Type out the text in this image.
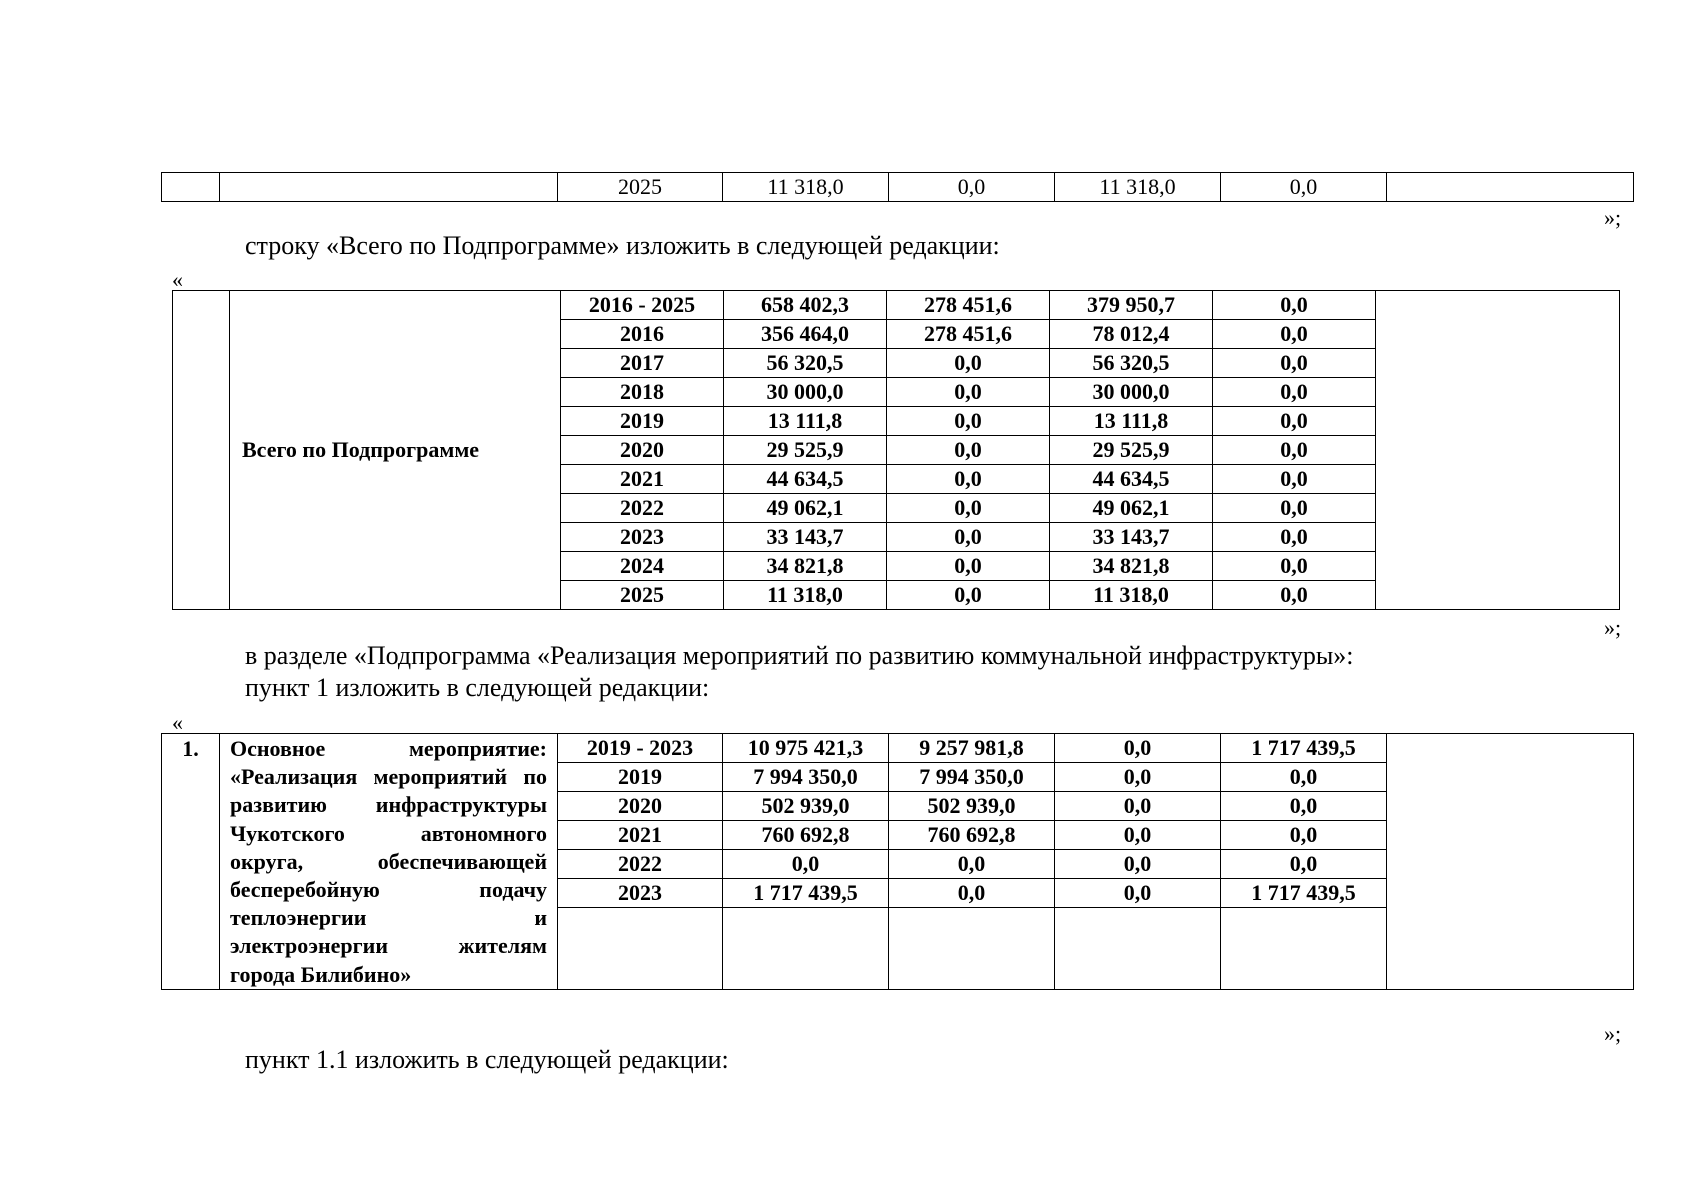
		2025	11 318,0	0,0	11 318,0	0,0	
»;
строку «Всего по Подпрограмме» изложить в следующей редакции:
«
	Всего по Подпрограмме	2016 - 2025	658 402,3	278 451,6	379 950,7	0,0	
		2016	356 464,0	278 451,6	78 012,4	0,0	
		2017	56 320,5	0,0	56 320,5	0,0	
		2018	30 000,0	0,0	30 000,0	0,0	
		2019	13 111,8	0,0	13 111,8	0,0	
		2020	29 525,9	0,0	29 525,9	0,0	
		2021	44 634,5	0,0	44 634,5	0,0	
		2022	49 062,1	0,0	49 062,1	0,0	
		2023	33 143,7	0,0	33 143,7	0,0	
		2024	34 821,8	0,0	34 821,8	0,0	
		2025	11 318,0	0,0	11 318,0	0,0	
»;
в разделе «Подпрограмма «Реализация мероприятий по развитию коммунальной инфраструктуры»:
пункт 1 изложить в следующей редакции:
«
1.	Основное мероприятие: «Реализация мероприятий по развитию инфраструктуры Чукотского автономного округа, обеспечивающей бесперебойную подачу теплоэнергии и электроэнергии жителям города Билибино»	2019 - 2023	10 975 421,3	9 257 981,8	0,0	1 717 439,5	
		2019	7 994 350,0	7 994 350,0	0,0	0,0	
		2020	502 939,0	502 939,0	0,0	0,0	
		2021	760 692,8	760 692,8	0,0	0,0	
		2022	0,0	0,0	0,0	0,0	
		2023	1 717 439,5	0,0	0,0	1 717 439,5	

»;
пункт 1.1 изложить в следующей редакции:
